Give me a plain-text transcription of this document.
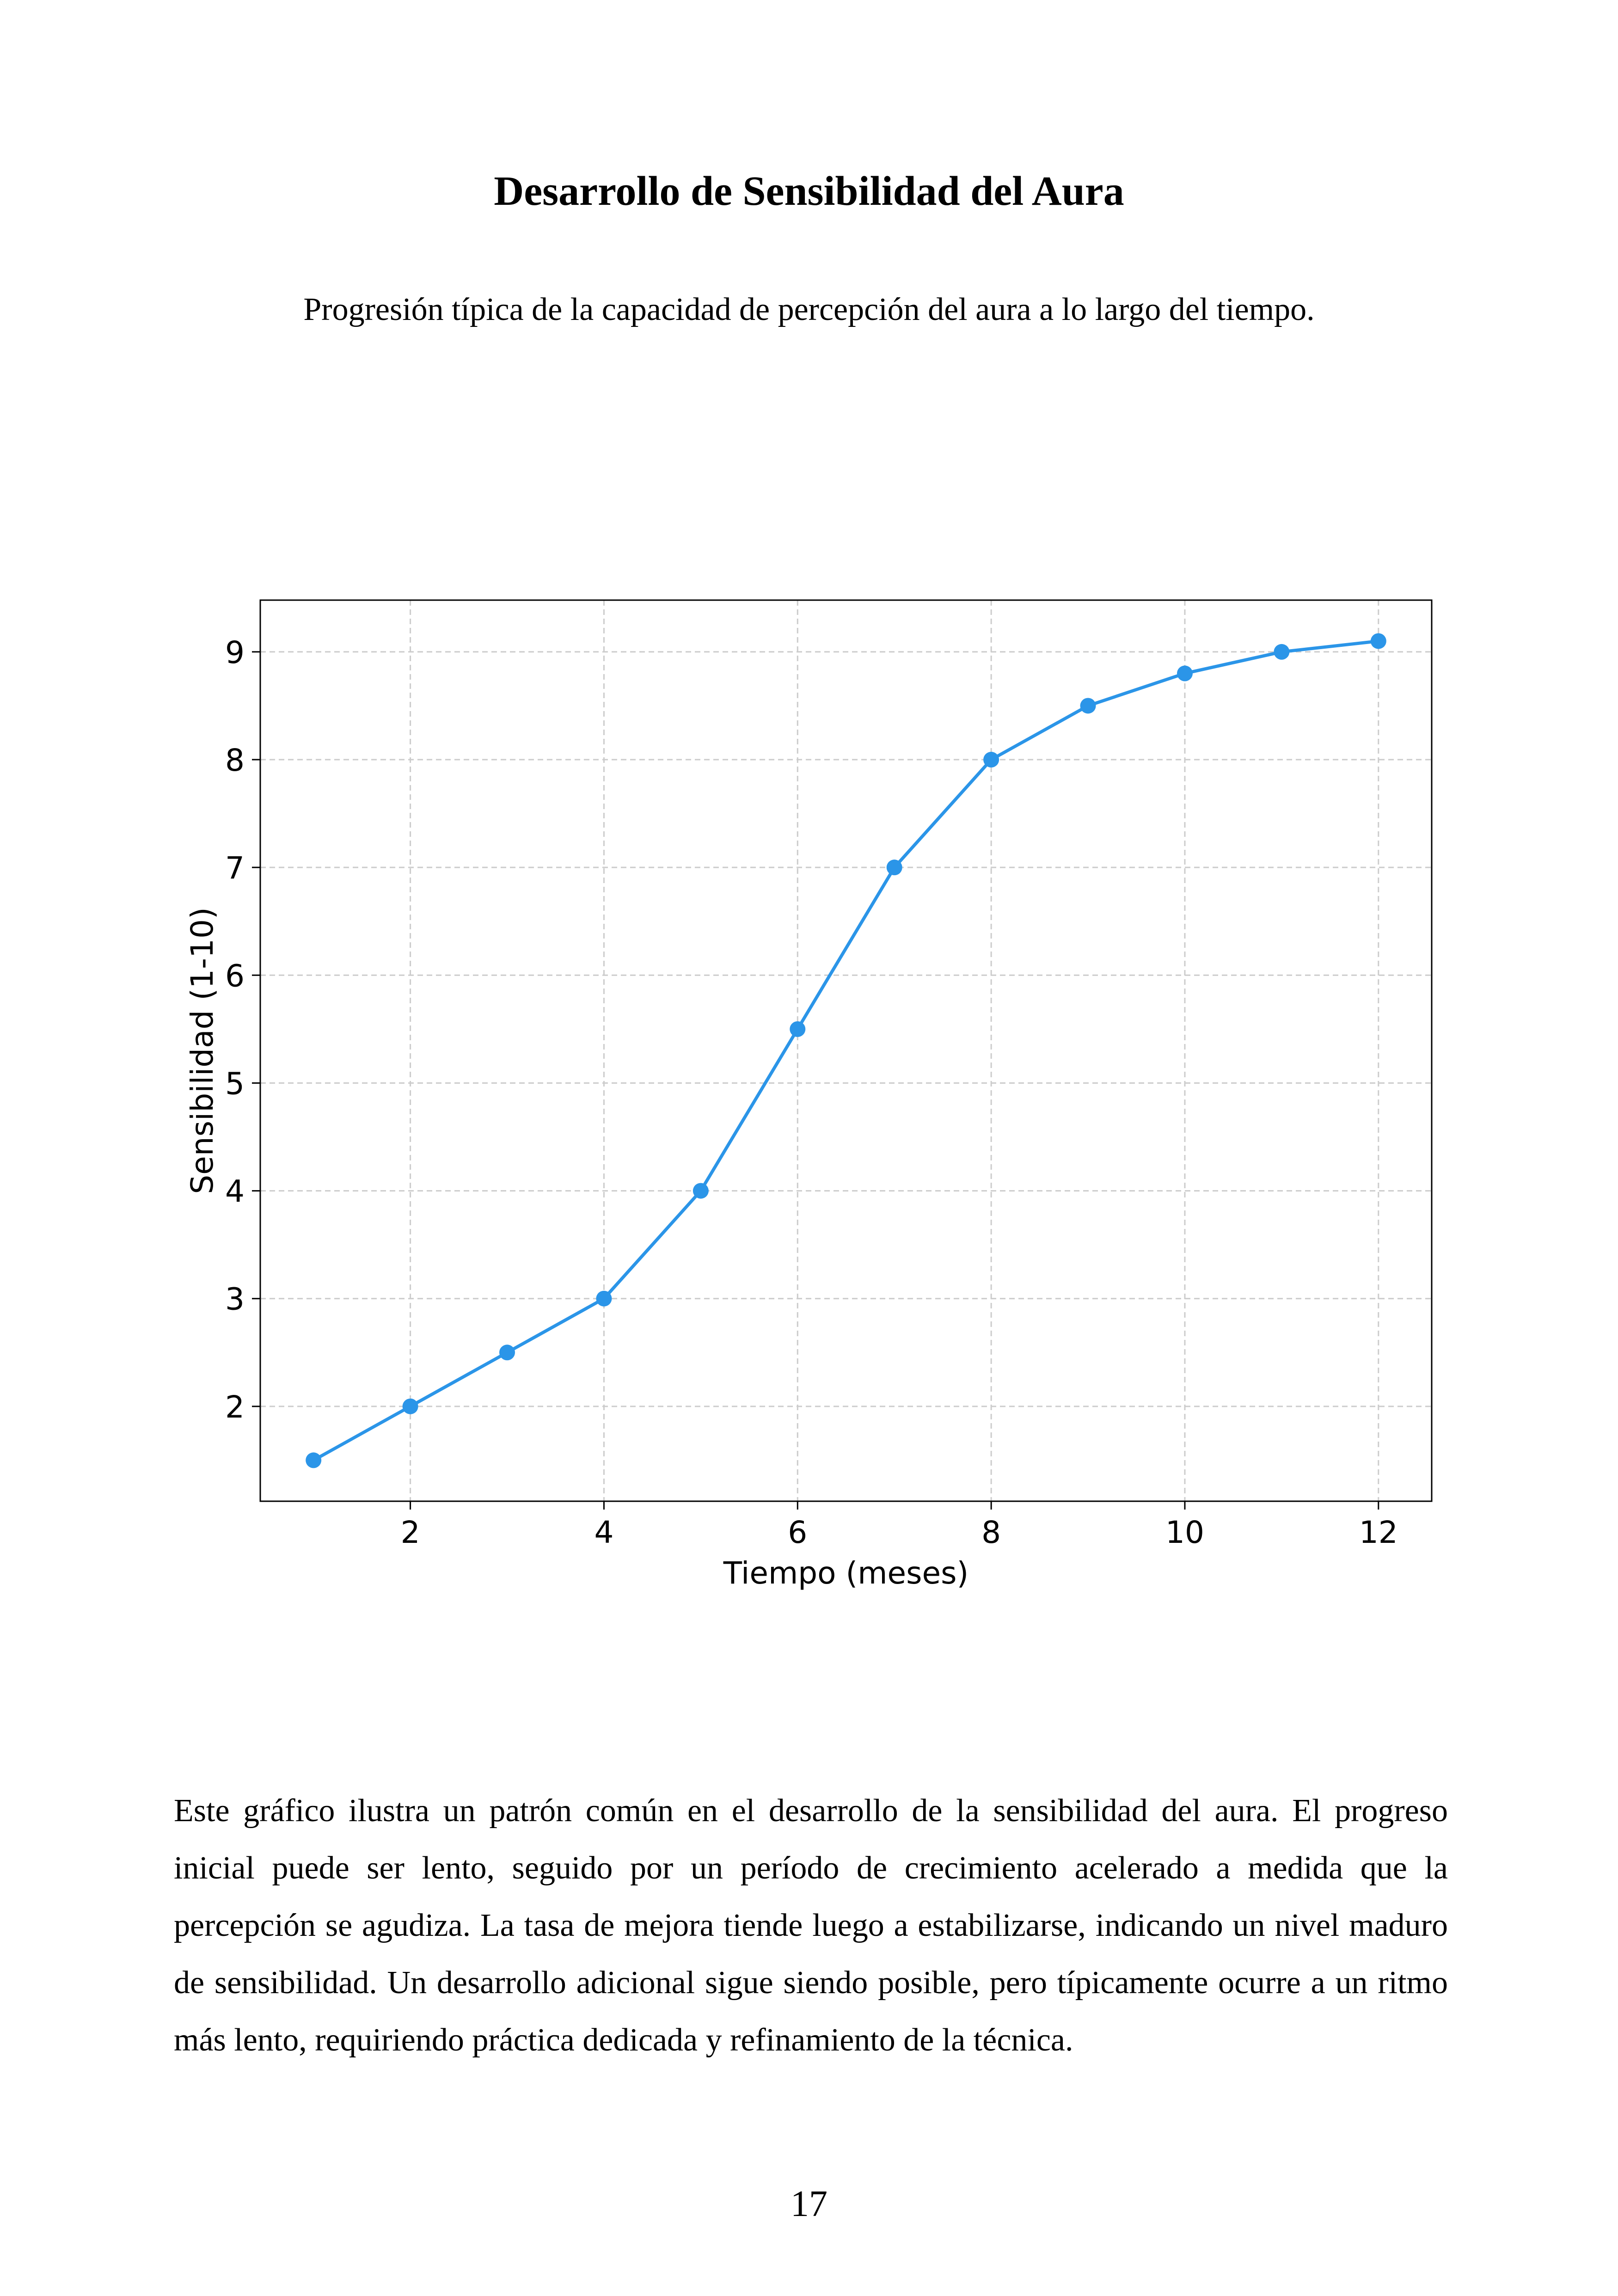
Desarrollo de Sensibilidad del Aura

Progresión típica de la capacidad de percepción del aura a lo largo del tiempo.

2	4	6	8	10	12
2
3
4
5
6
7
8
9
Tiempo (meses)
Sensibilidad (1-10)

Este gráfico ilustra un patrón común en el desarrollo de la sensibilidad del aura. El progreso inicial puede ser lento, seguido por un período de crecimiento acelerado a medida que la percepción se agudiza. La tasa de mejora tiende luego a estabilizarse, indicando un nivel maduro de sensibilidad. Un desarrollo adicional sigue siendo posible, pero típicamente ocurre a un ritmo más lento, requiriendo práctica dedicada y refinamiento de la técnica.

17
